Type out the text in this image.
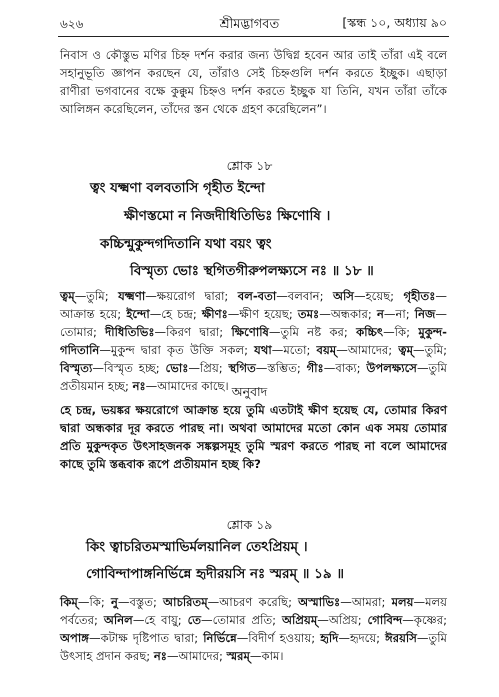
৬২৬	শ্রীমদ্ভাগবত	[স্কন্ধ ১০, অধ্যায় ৯০
নিবাস ও কৌস্তুভ মণির চিহ্ন দর্শন করার জন্য উদ্বিগ্ন হবেন আর তাই তাঁরা এই বলে সহানুভূতি জ্ঞাপন করছেন যে, তাঁরাও সেই চিহ্নগুলি দর্শন করতে ইচ্ছুক। এছাড়া রাণীরা ভগবানের বক্ষে কুক্কুম চিহ্নও দর্শন করতে ইচ্ছুক যা তিনি, যখন তাঁরা তাঁকে আলিঙ্গন করেছিলেন, তাঁদের স্তন থেকে গ্রহণ করেছিলেন”।
শ্লোক ১৮
ত্বং যক্ষ্মণা বলবতাসি গৃহীত ইন্দো
ক্ষীণস্তমো ন নিজদীধিতিভিঃ ক্ষিণোষি ।
কচ্চিন্মুকুন্দগদিতানি যথা বয়ং ত্বং
বিস্মৃত্য ভোঃ স্থগিতগীরুপলক্ষ্যসে নঃ ॥ ১৮ ॥
ত্বম্—তুমি; যক্ষ্মণা—ক্ষয়রোগ দ্বারা; বল-বতা—বলবান; অসি—হয়েছ; গৃহীতঃ—আক্রান্ত হয়ে; ইন্দো—হে চন্দ্র; ক্ষীণঃ—ক্ষীণ হয়েছ; তমঃ—অন্ধকার; ন—না; নিজ—তোমার; দীধিতিভিঃ—কিরণ দ্বারা; ক্ষিণোষি—তুমি নষ্ট কর; কচ্চিৎ—কি; মুকুন্দ-গদিতানি—মুকুন্দ দ্বারা কৃত উক্তি সকল; যথা—মতো; বয়ম্—আমাদের; ত্বম্—তুমি; বিস্মৃত্য—বিস্মৃত হচ্ছ; ভোঃ—প্রিয়; স্থগিত—স্তম্ভিত; গীঃ—বাক্য; উপলক্ষ্যসে—তুমি প্রতীয়মান হচ্ছ; নঃ—আমাদের কাছে। অনুবাদ
হে চন্দ্র, ভয়ঙ্কর ক্ষয়রোগে আক্রান্ত হয়ে তুমি এতটাই ক্ষীণ হয়েছ যে, তোমার কিরণ দ্বারা অন্ধকার দূর করতে পারছ না। অথবা আমাদের মতো কোন এক সময় তোমার প্রতি মুকুন্দকৃত উৎসাহজনক সঙ্কল্পসমূহ তুমি স্মরণ করতে পারছ না বলে আমাদের কাছে তুমি স্তব্ধবাক রূপে প্রতীয়মান হচ্ছ কি?
শ্লোক ১৯
কিং ত্বাচরিতমস্মাভির্মলয়ানিল তেঽপ্রিয়ম্ ।
গোবিন্দাপাঙ্গনির্ভিন্নে হৃদীরয়সি নঃ স্মরম্ ॥ ১৯ ॥
কিম্—কি; নু—বস্তুত; আচরিতম্—আচরণ করেছি; অস্মাভিঃ—আমরা; মলয়—মলয় পর্বতের; অনিল—হে বায়ু; তে—তোমার প্রতি; অপ্রিয়ম্—অপ্রিয়; গোবিন্দ—কৃষ্ণের; অপাঙ্গ—কটাক্ষ দৃষ্টিপাত দ্বারা; নির্ভিন্নে—বিদীর্ণ হওয়ায়; হৃদি—হৃদয়ে; ঈরয়সি—তুমি উৎসাহ প্রদান করছ; নঃ—আমাদের; স্মরম্—কাম।
